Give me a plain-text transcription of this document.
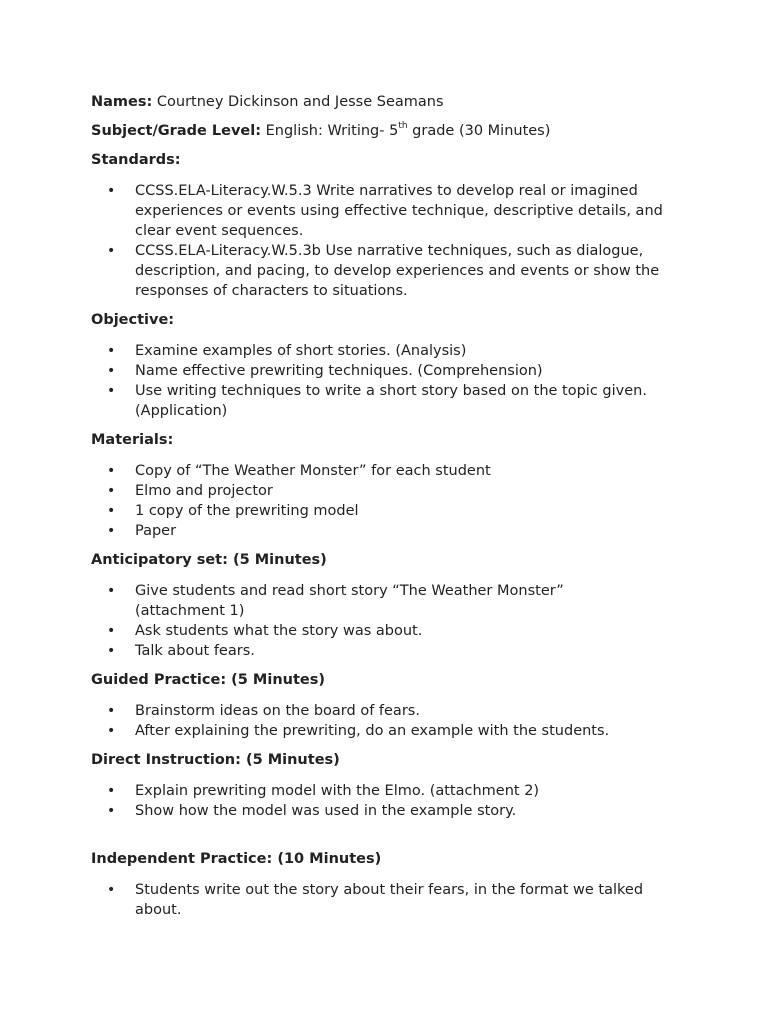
Names: Courtney Dickinson and Jesse Seamans

Subject/Grade Level: English: Writing- 5th grade (30 Minutes)

Standards:

• CCSS.ELA-Literacy.W.5.3 Write narratives to develop real or imagined experiences or events using effective technique, descriptive details, and clear event sequences.
• CCSS.ELA-Literacy.W.5.3b Use narrative techniques, such as dialogue, description, and pacing, to develop experiences and events or show the responses of characters to situations.

Objective:

• Examine examples of short stories. (Analysis)
• Name effective prewriting techniques. (Comprehension)
• Use writing techniques to write a short story based on the topic given. (Application)

Materials:

• Copy of “The Weather Monster” for each student
• Elmo and projector
• 1 copy of the prewriting model
• Paper

Anticipatory set: (5 Minutes)

• Give students and read short story “The Weather Monster” (attachment 1)
• Ask students what the story was about.
• Talk about fears.

Guided Practice: (5 Minutes)

• Brainstorm ideas on the board of fears.
• After explaining the prewriting, do an example with the students.

Direct Instruction: (5 Minutes)

• Explain prewriting model with the Elmo. (attachment 2)
• Show how the model was used in the example story.

Independent Practice: (10 Minutes)

• Students write out the story about their fears, in the format we talked about.
